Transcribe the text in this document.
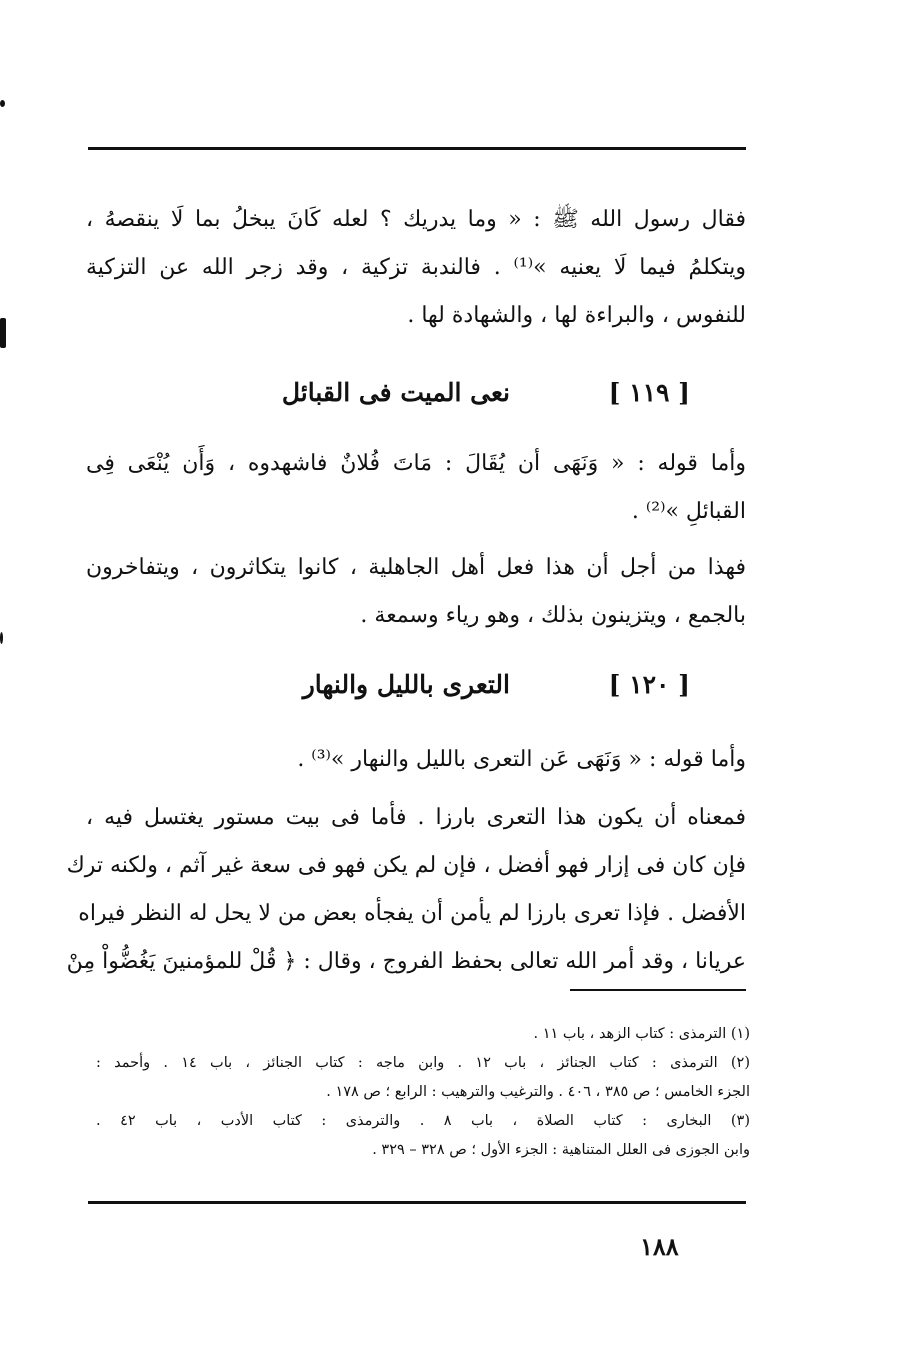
فقال رسول الله ﷺ : « وما يدريك ؟ لعله كَانَ يبخلُ بما لَا ينقصهُ ،
ويتكلمُ فيما لَا يعنيه »⁽¹⁾ . فالندبة تزكية ، وقد زجر الله عن التزكية
للنفوس ، والبراءة لها ، والشهادة لها .
[ ١١٩ ]
نعى الميت فى القبائل
وأما قوله : « وَنَهَى أن يُقَالَ : مَاتَ فُلانٌ فاشهدوه ، وَأَن يُنْعَى فِى
القبائلِ »⁽²⁾ .
فهذا من أجل أن هذا فعل أهل الجاهلية ، كانوا يتكاثرون ، ويتفاخرون
بالجمع ، ويتزينون بذلك ، وهو رياء وسمعة .
[ ١٢٠ ]
التعرى بالليل والنهار
وأما قوله : « وَنَهَى عَن التعرى بالليل والنهار »⁽³⁾ .
فمعناه أن يكون هذا التعرى بارزا . فأما فى بيت مستور يغتسل فيه ،
فإن كان فى إزار فهو أفضل ، فإن لم يكن فهو فى سعة غير آثم ، ولكنه ترك
الأفضل . فإذا تعرى بارزا لم يأمن أن يفجأه بعض من لا يحل له النظر فيراه
عريانا ، وقد أمر الله تعالى بحفظ الفروج ، وقال : ﴿ قُلْ للمؤمنينَ يَغُضُّواْ مِنْ
(١) الترمذى : كتاب الزهد ، باب ١١ .
(٢) الترمذى : كتاب الجنائز ، باب ١٢ . وابن ماجه : كتاب الجنائز ، باب ١٤ . وأحمد :
الجزء الخامس ؛ ص ٣٨٥ ، ٤٠٦ . والترغيب والترهيب : الرابع ؛ ص ١٧٨ .
(٣) البخارى : كتاب الصلاة ، باب ٨ . والترمذى : كتاب الأدب ، باب ٤٢ .
وابن الجوزى فى العلل المتناهية : الجزء الأول ؛ ص ٣٢٨ – ٣٢٩ .
١٨٨
